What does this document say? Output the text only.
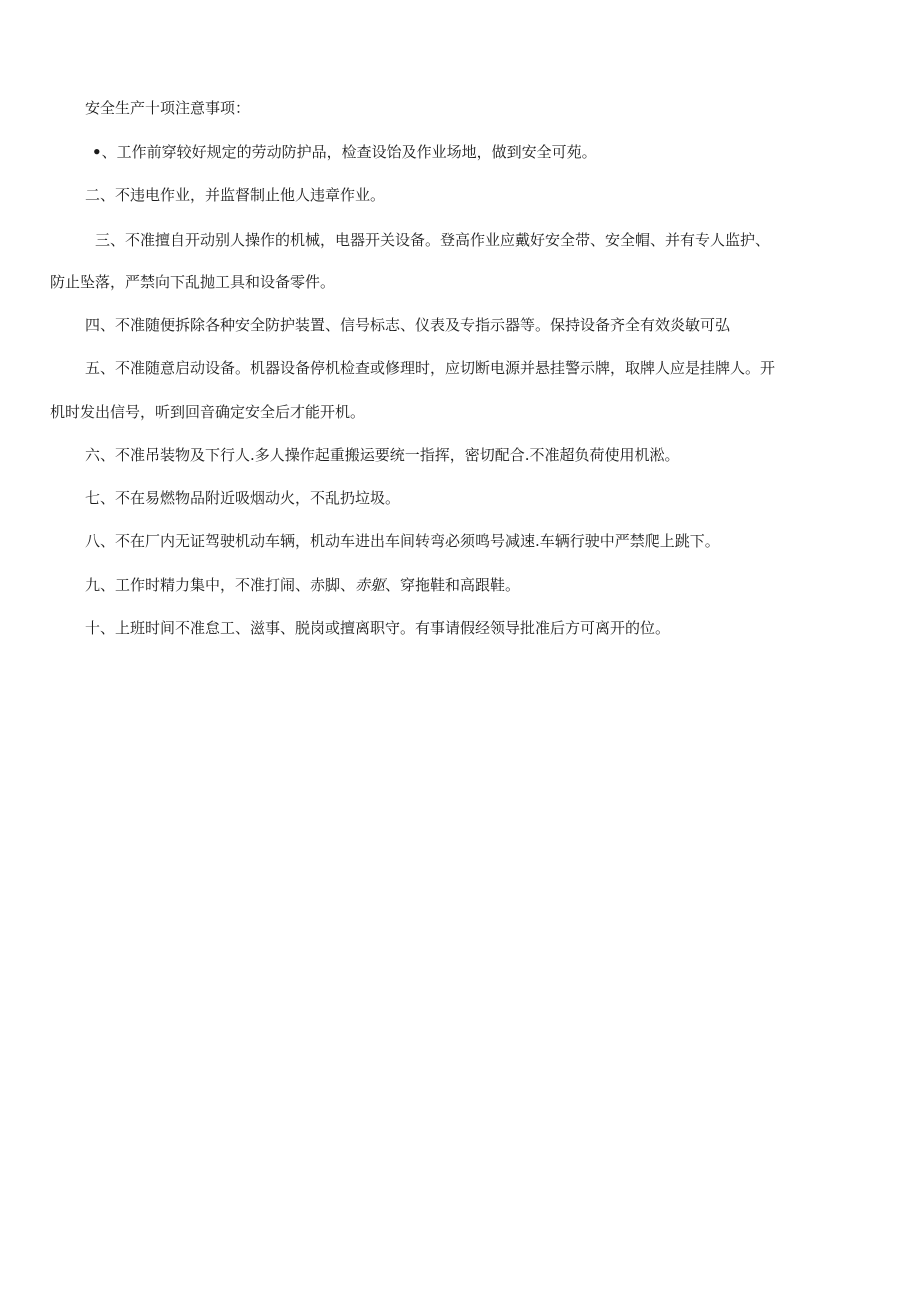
安全生产十项注意事项：
•、工作前穿较好规定的劳动防护品，检查设饴及作业场地，做到安全可苑。
二、不违电作业，并监督制止他人违章作业。
三、不准擅自开动别人操作的机械，电器开关设备。登高作业应戴好安全带、安全帽、并有专人监护、
防止坠落，严禁向下乱抛工具和设备零件。
四、不准随便拆除各种安全防护装置、信号标志、仪表及专指示器等。保持设备齐全有效炎敏可弘
五、不准随意启动设备。机器设备停机检查或修理时，应切断电源并悬挂警示牌，取牌人应是挂牌人。开
机时发出信号，听到回音确定安全后才能开机。
六、不准吊装物及下行人.多人操作起重搬运要统一指挥，密切配合.不准超负荷使用机淞。
七、不在易燃物品附近吸烟动火，不乱扔垃圾。
八、不在厂内无证驾驶机动车辆，机动车进出车间转弯必须鸣号减速.车辆行驶中严禁爬上跳下。
九、工作时精力集中，不准打闹、赤脚、赤躯、穿拖鞋和高跟鞋。
十、上班时间不准怠工、滋事、脱岗或擅离职守。有事请假经领导批准后方可离开的位。
